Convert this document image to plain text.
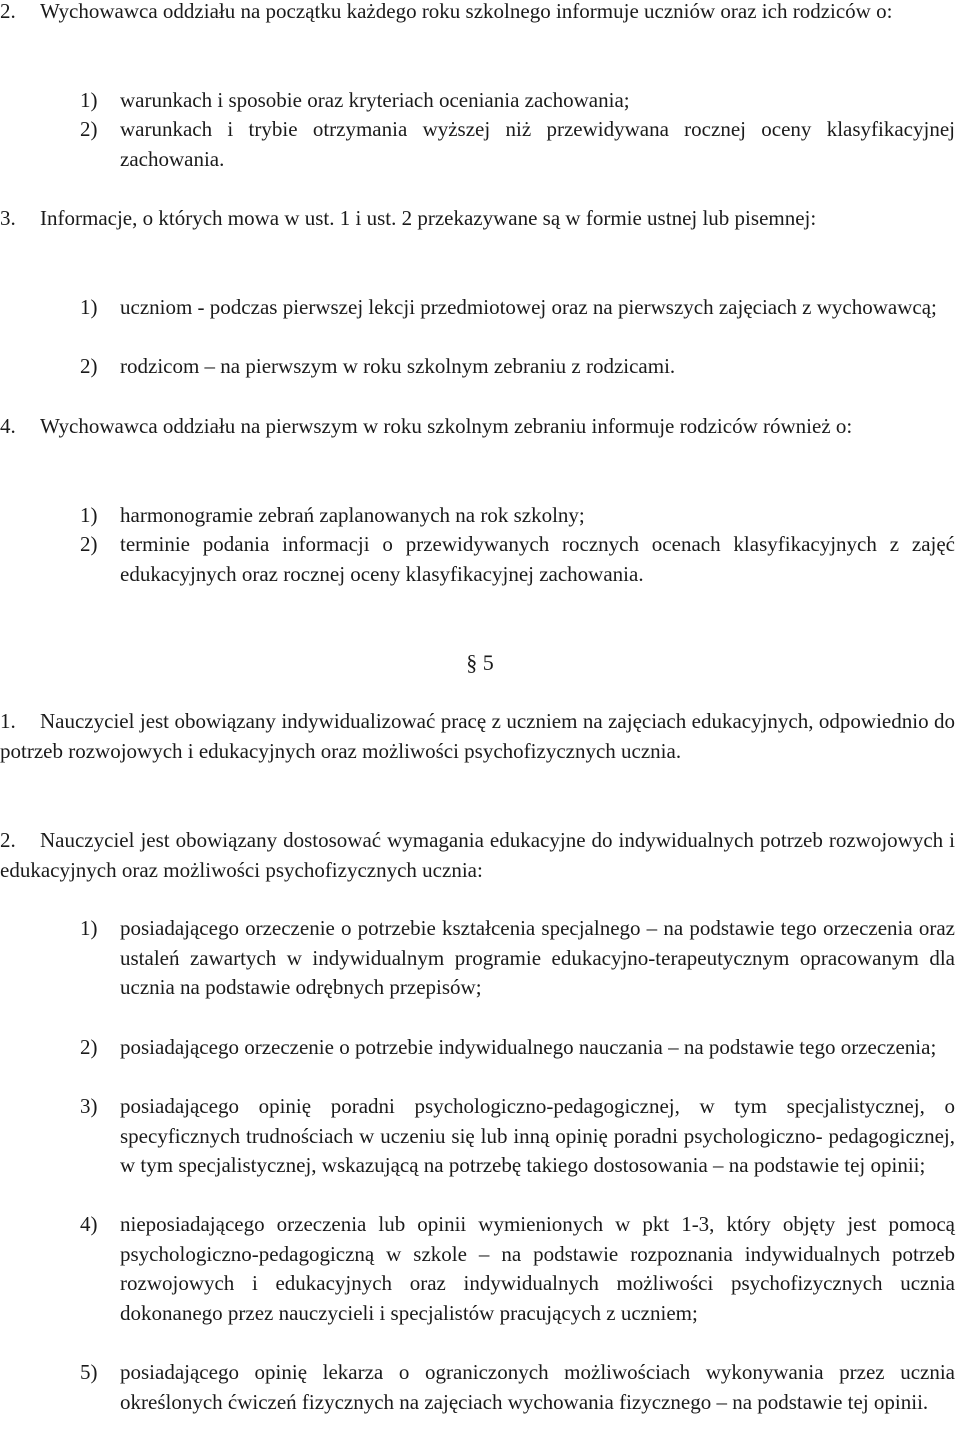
2. Wychowawca oddziału na początku każdego roku szkolnego informuje uczniów oraz ich rodziców o:

1)	warunkach i sposobie oraz kryteriach oceniania zachowania;

2)	warunkach i trybie otrzymania wyższej niż przewidywana rocznej oceny klasyfikacyjnej zachowania.

3. Informacje, o których mowa w ust. 1 i ust. 2 przekazywane są w formie ustnej lub pisemnej:

1)	uczniom - podczas pierwszej lekcji przedmiotowej oraz na pierwszych zajęciach z wychowawcą;

2)	rodzicom – na pierwszym w roku szkolnym zebraniu z rodzicami.

4. Wychowawca oddziału na pierwszym w roku szkolnym zebraniu informuje rodziców również o:

1)	harmonogramie zebrań zaplanowanych na rok szkolny;

2)	terminie podania informacji o przewidywanych rocznych ocenach klasyfikacyjnych z zajęć edukacyjnych oraz rocznej oceny klasyfikacyjnej zachowania.

§ 5

1. Nauczyciel jest obowiązany indywidualizować pracę z uczniem na zajęciach edukacyjnych, odpowiednio do potrzeb rozwojowych i edukacyjnych oraz możliwości psychofizycznych ucznia.

2. Nauczyciel jest obowiązany dostosować wymagania edukacyjne do indywidualnych potrzeb rozwojowych i edukacyjnych oraz możliwości psychofizycznych ucznia:

1)	posiadającego orzeczenie o potrzebie kształcenia specjalnego – na podstawie tego orzeczenia oraz ustaleń zawartych w indywidualnym programie edukacyjno-terapeutycznym opracowanym dla ucznia na podstawie odrębnych przepisów;

2)	posiadającego orzeczenie o potrzebie indywidualnego nauczania – na podstawie tego orzeczenia;

3)	posiadającego opinię poradni psychologiczno-pedagogicznej, w tym specjalistycznej, o specyficznych trudnościach w uczeniu się lub inną opinię poradni psychologiczno- pedagogicznej, w tym specjalistycznej, wskazującą na potrzebę takiego dostosowania – na podstawie tej opinii;

4)	nieposiadającego orzeczenia lub opinii wymienionych w pkt 1-3, który objęty jest pomocą psychologiczno-pedagogiczną w szkole – na podstawie rozpoznania indywidualnych potrzeb rozwojowych i edukacyjnych oraz indywidualnych możliwości psychofizycznych ucznia dokonanego przez nauczycieli i specjalistów pracujących z uczniem;

5)	posiadającego opinię lekarza o ograniczonych możliwościach wykonywania przez ucznia określonych ćwiczeń fizycznych na zajęciach wychowania fizycznego – na podstawie tej opinii.
